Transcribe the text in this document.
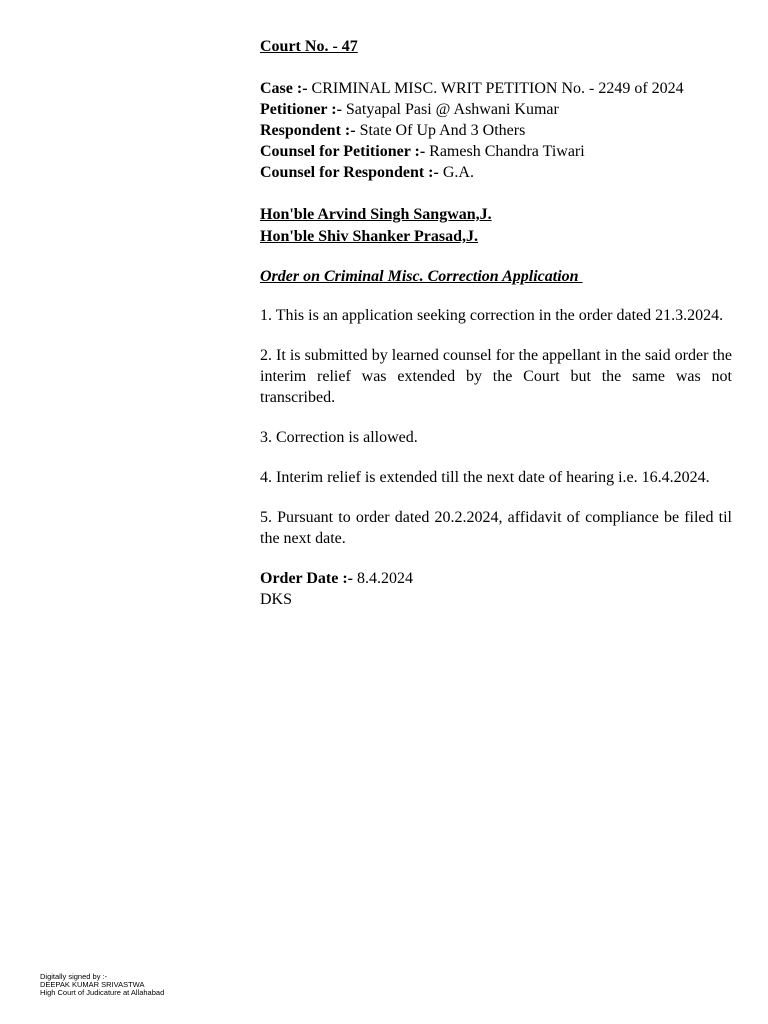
Court No. - 47

Case :- CRIMINAL MISC. WRIT PETITION No. - 2249 of 2024

Petitioner :- Satyapal Pasi @ Ashwani Kumar

Respondent :- State Of Up And 3 Others

Counsel for Petitioner :- Ramesh Chandra Tiwari

Counsel for Respondent :- G.A.

Hon'ble Arvind Singh Sangwan,J.

Hon'ble Shiv Shanker Prasad,J.

Order on Criminal Misc. Correction Application

1. This is an application seeking correction in the order dated 21.3.2024.

2. It is submitted by learned counsel for the appellant in the said order the interim relief was extended by the Court but the same was not transcribed.

3. Correction is allowed.

4. Interim relief is extended till the next date of hearing i.e. 16.4.2024.

5. Pursuant to order dated 20.2.2024, affidavit of compliance be filed til the next date.

Order Date :- 8.4.2024

DKS

Digitally signed by :-
DEEPAK KUMAR SRIVASTWA
High Court of Judicature at Allahabad
